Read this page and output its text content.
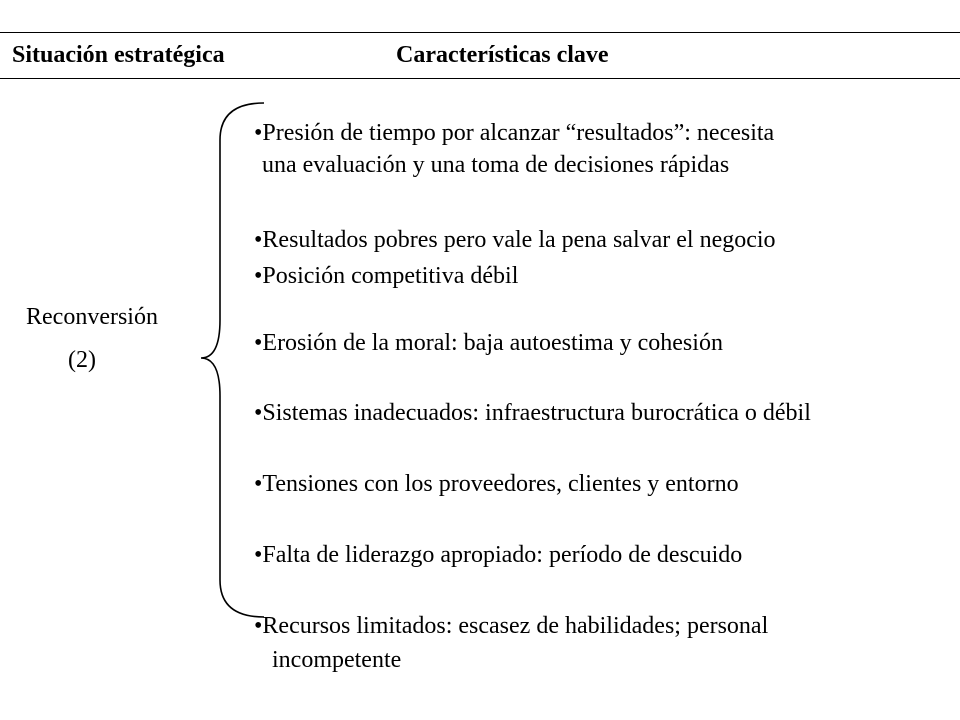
Situación estratégica	Características clave
Reconversión
(2)
•Presión de tiempo por alcanzar “resultados”: necesita
una evaluación y una toma de decisiones rápidas
•Resultados pobres pero vale la pena salvar el negocio
•Posición competitiva débil
•Erosión de la moral: baja autoestima y cohesión
•Sistemas inadecuados: infraestructura burocrática o débil
•Tensiones con los proveedores, clientes y entorno
•Falta de liderazgo apropiado: período de descuido
•Recursos limitados: escasez de habilidades; personal
incompetente
